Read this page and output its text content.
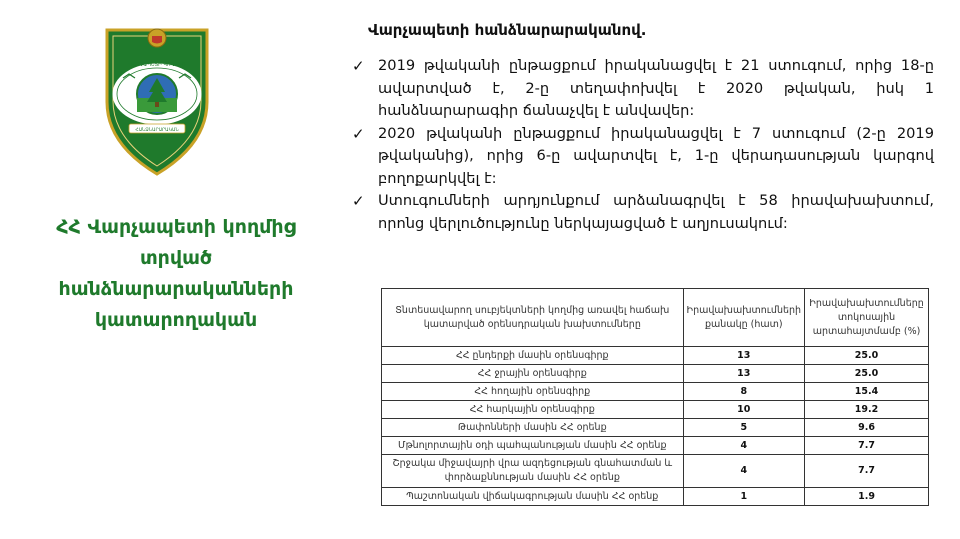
ՎԱՐՉԱՊԵՏԻ ԿՈՂՄԻՑ
ՀԱՆՁՆԱՐԱՐԱԿԱՆ
ՀՀ Վարչապետի կողմից
տրված
հանձնարարականների
կատարողական
Վարչապետի հանձնարարականով.
✓ 2019 թվականի ընթացքում իրականացվել է 21 ստուգում, որից 18-ը ավարտված է, 2-ը տեղափոխվել է 2020 թվական, իսկ 1 հանձնարարագիր ճանաչվել է անվավեր:
✓ 2020 թվականի ընթացքում իրականացվել է 7 ստուգում (2-ը 2019 թվականից), որից 6-ը ավարտվել է, 1-ը վերադասության կարգով բողոքարկվել է:
✓ Ստուգումների արդյունքում արձանագրվել է 58 իրավախախտում, որոնց վերլուծությունը ներկայացված է աղյուսակում:
Տնտեսավարող սուբյեկտների կողմից առավել հաճախ կատարված օրենսդրական խախտումները	Իրավախախտումների քանակը (հատ)	Իրավախախտումները տոկոսային արտահայտմամբ (%)
ՀՀ ընդերքի մասին օրենսգիրք	13	25.0
ՀՀ ջրային օրենսգիրք	13	25.0
ՀՀ հողային օրենսգիրք	8	15.4
ՀՀ հարկային օրենսգիրք	10	19.2
Թափոնների մասին ՀՀ օրենք	5	9.6
Մթնոլորտային օդի պահպանության մասին ՀՀ օրենք	4	7.7
Շրջակա միջավայրի վրա ազդեցության գնահատման և փորձաքննության մասին ՀՀ օրենք	4	7.7
Պաշտոնական վիճակագրության մասին ՀՀ օրենք	1	1.9
